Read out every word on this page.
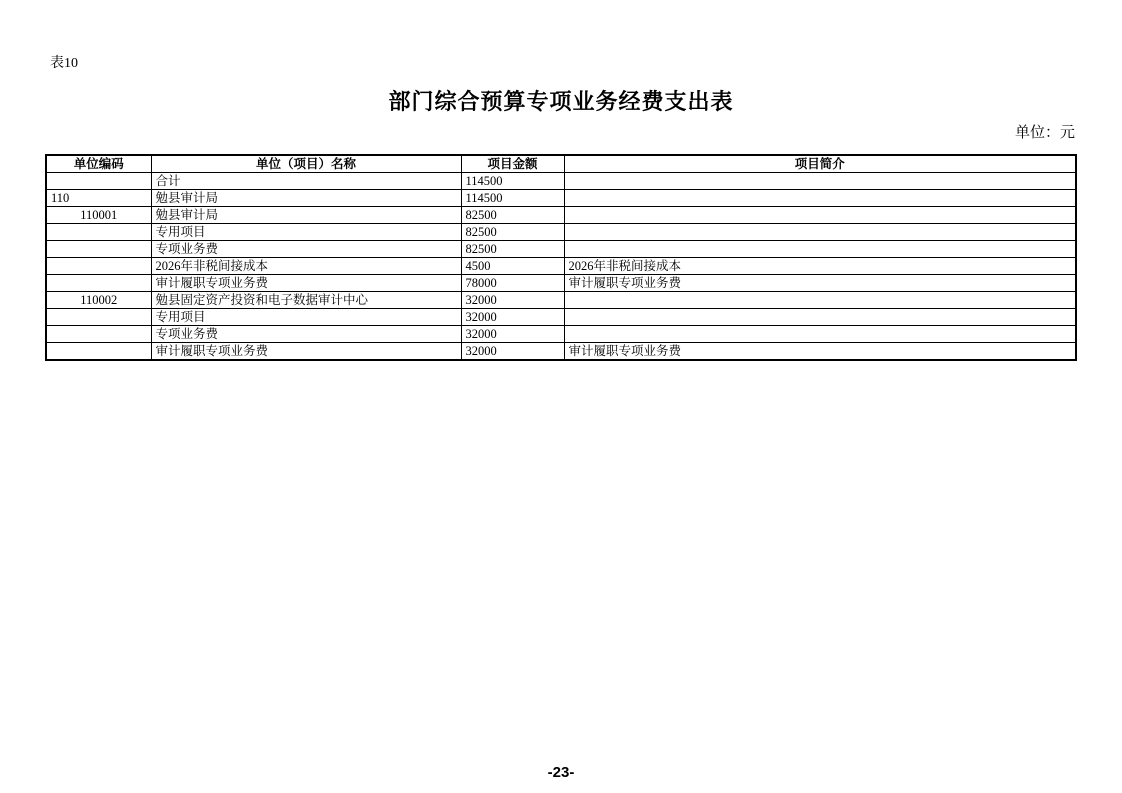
表10
部门综合预算专项业务经费支出表
单位：元
单位编码	单位（项目）名称	项目金额	项目简介
	合计	114500	
110	勉县审计局	114500	
110001	勉县审计局	82500	
	专用项目	82500	
	专项业务费	82500	
	2026年非税间接成本	4500	2026年非税间接成本
	审计履职专项业务费	78000	审计履职专项业务费
110002	勉县固定资产投资和电子数据审计中心	32000	
	专用项目	32000	
	专项业务费	32000	
	审计履职专项业务费	32000	审计履职专项业务费
-23-
